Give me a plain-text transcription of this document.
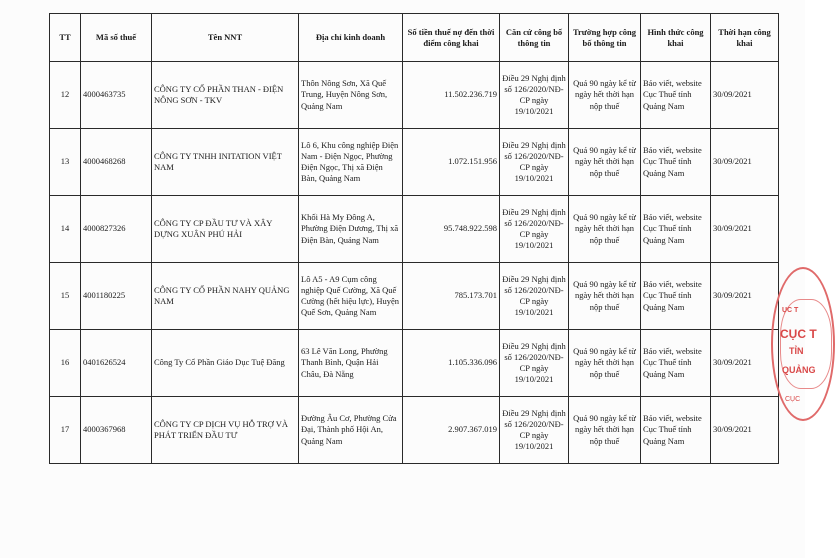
TT	Mã số thuế	Tên NNT	Địa chỉ kinh doanh	Số tiền thuế nợ đến thời điểm công khai	Căn cứ công bố thông tin	Trường hợp công bố thông tin	Hình thức công khai	Thời hạn công khai
12	4000463735	CÔNG TY CỔ PHẦN THAN - ĐIỆN NÔNG SƠN - TKV	Thôn Nông Sơn, Xã Quế Trung, Huyện Nông Sơn, Quảng Nam	11.502.236.719	Điều 29 Nghị định số 126/2020/NĐ-CP ngày 19/10/2021	Quá 90 ngày kể từ ngày hết thời hạn nộp thuế	Báo viết, website Cục Thuế tỉnh Quảng Nam	30/09/2021
13	4000468268	CÔNG TY TNHH INITATION VIỆT NAM	Lô 6, Khu công nghiệp Điện Nam - Điện Ngọc, Phường Điện Ngọc, Thị xã Điện Bàn, Quảng Nam	1.072.151.956	Điều 29 Nghị định số 126/2020/NĐ-CP ngày 19/10/2021	Quá 90 ngày kể từ ngày hết thời hạn nộp thuế	Báo viết, website Cục Thuế tỉnh Quảng Nam	30/09/2021
14	4000827326	CÔNG TY CP ĐẦU TƯ VÀ XÂY DỰNG XUÂN PHÚ HẢI	Khối Hà My Đông A, Phường Điện Dương, Thị xã Điện Bàn, Quảng Nam	95.748.922.598	Điều 29 Nghị định số 126/2020/NĐ-CP ngày 19/10/2021	Quá 90 ngày kể từ ngày hết thời hạn nộp thuế	Báo viết, website Cục Thuế tỉnh Quảng Nam	30/09/2021
15	4001180225	CÔNG TY CỔ PHẦN NAHY QUẢNG NAM	Lô A5 - A9 Cụm công nghiệp Quế Cường, Xã Quế Cường (hết hiệu lực), Huyện Quế Sơn, Quảng Nam	785.173.701	Điều 29 Nghị định số 126/2020/NĐ-CP ngày 19/10/2021	Quá 90 ngày kể từ ngày hết thời hạn nộp thuế	Báo viết, website Cục Thuế tỉnh Quảng Nam	30/09/2021
16	0401626524	Công Ty Cổ Phần Giáo Dục Tuệ Đăng	63 Lê Văn Long, Phường Thanh Bình, Quận Hải Châu, Đà Nẵng	1.105.336.096	Điều 29 Nghị định số 126/2020/NĐ-CP ngày 19/10/2021	Quá 90 ngày kể từ ngày hết thời hạn nộp thuế	Báo viết, website Cục Thuế tỉnh Quảng Nam	30/09/2021
17	4000367968	CÔNG TY CP DỊCH VỤ HỖ TRỢ VÀ PHÁT TRIỂN ĐẦU TƯ	Đường Âu Cơ, Phường Cửa Đại, Thành phố Hội An, Quảng Nam	2.907.367.019	Điều 29 Nghị định số 126/2020/NĐ-CP ngày 19/10/2021	Quá 90 ngày kể từ ngày hết thời hạn nộp thuế	Báo viết, website Cục Thuế tỉnh Quảng Nam	30/09/2021
ỤC T
CỤC T
TỈN
QUẢNG
CỤC
